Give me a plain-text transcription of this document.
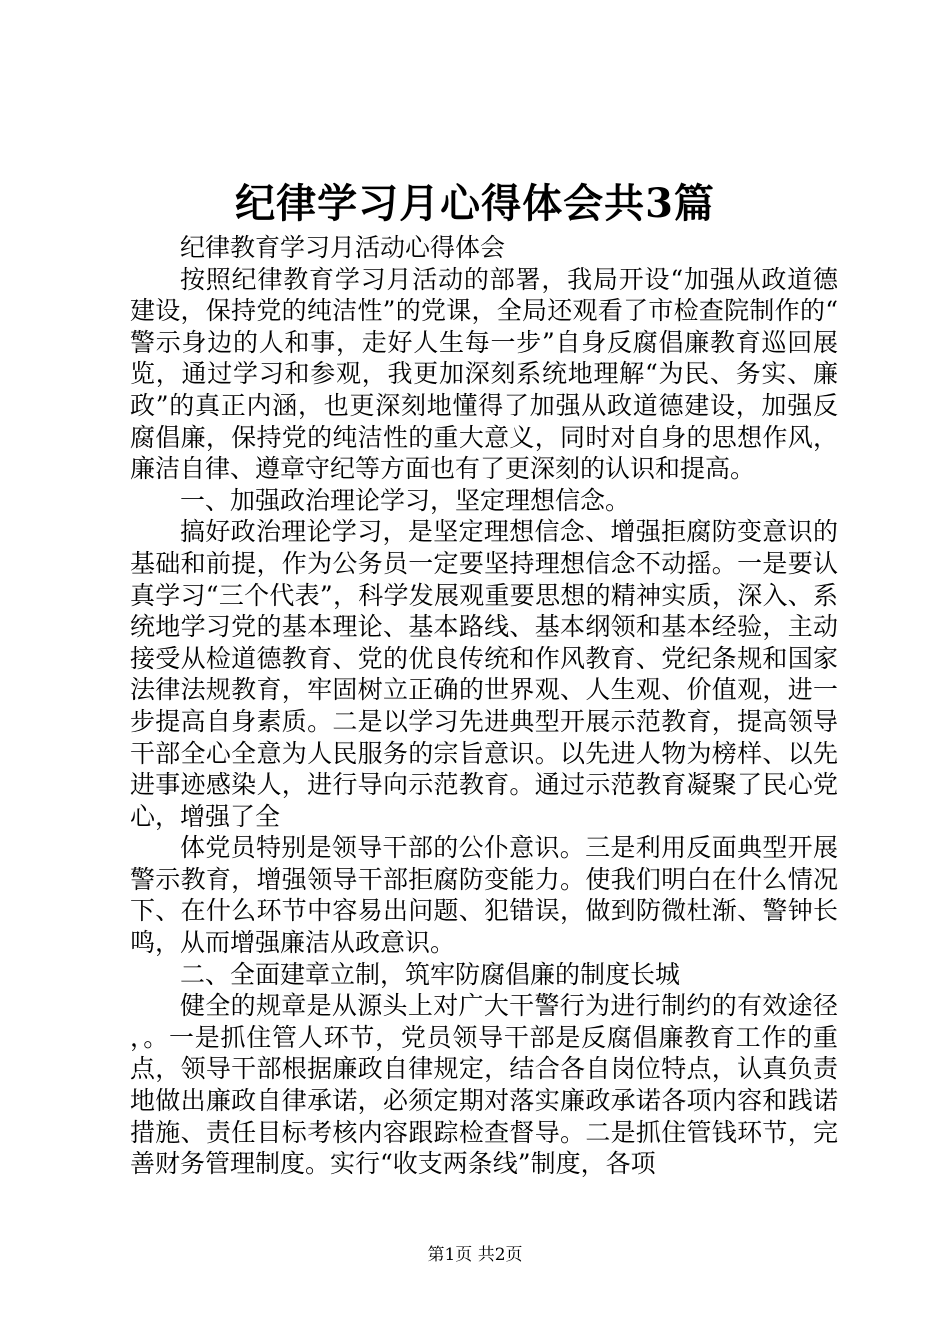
纪律学习月心得体会共3篇

纪律教育学习月活动心得体会

按照纪律教育学习月活动的部署，我局开设“加强从政道德建设，保持党的纯洁性”的党课，全局还观看了市检查院制作的“警示身边的人和事，走好人生每一步”自身反腐倡廉教育巡回展览，通过学习和参观，我更加深刻系统地理解“为民、务实、廉政”的真正内涵，也更深刻地懂得了加强从政道德建设，加强反腐倡廉，保持党的纯洁性的重大意义，同时对自身的思想作风，廉洁自律、遵章守纪等方面也有了更深刻的认识和提高。

一、加强政治理论学习，坚定理想信念。

搞好政治理论学习，是坚定理想信念、增强拒腐防变意识的基础和前提，作为公务员一定要坚持理想信念不动摇。一是要认真学习“三个代表”，科学发展观重要思想的精神实质，深入、系统地学习党的基本理论、基本路线、基本纲领和基本经验，主动接受从检道德教育、党的优良传统和作风教育、党纪条规和国家法律法规教育，牢固树立正确的世界观、人生观、价值观，进一步提高自身素质。二是以学习先进典型开展示范教育，提高领导干部全心全意为人民服务的宗旨意识。以先进人物为榜样、以先进事迹感染人，进行导向示范教育。通过示范教育凝聚了民心党心，增强了全

体党员特别是领导干部的公仆意识。三是利用反面典型开展警示教育，增强领导干部拒腐防变能力。使我们明白在什么情况下、在什么环节中容易出问题、犯错误，做到防微杜渐、警钟长鸣，从而增强廉洁从政意识。

二、全面建章立制，筑牢防腐倡廉的制度长城

健全的规章是从源头上对广大干警行为进行制约的有效途径，。一是抓住管人环节，党员领导干部是反腐倡廉教育工作的重点，领导干部根据廉政自律规定，结合各自岗位特点，认真负责地做出廉政自律承诺，必须定期对落实廉政承诺各项内容和践诺措施、责任目标考核内容跟踪检查督导。二是抓住管钱环节，完善财务管理制度。实行“收支两条线”制度，各项

第1页 共2页
